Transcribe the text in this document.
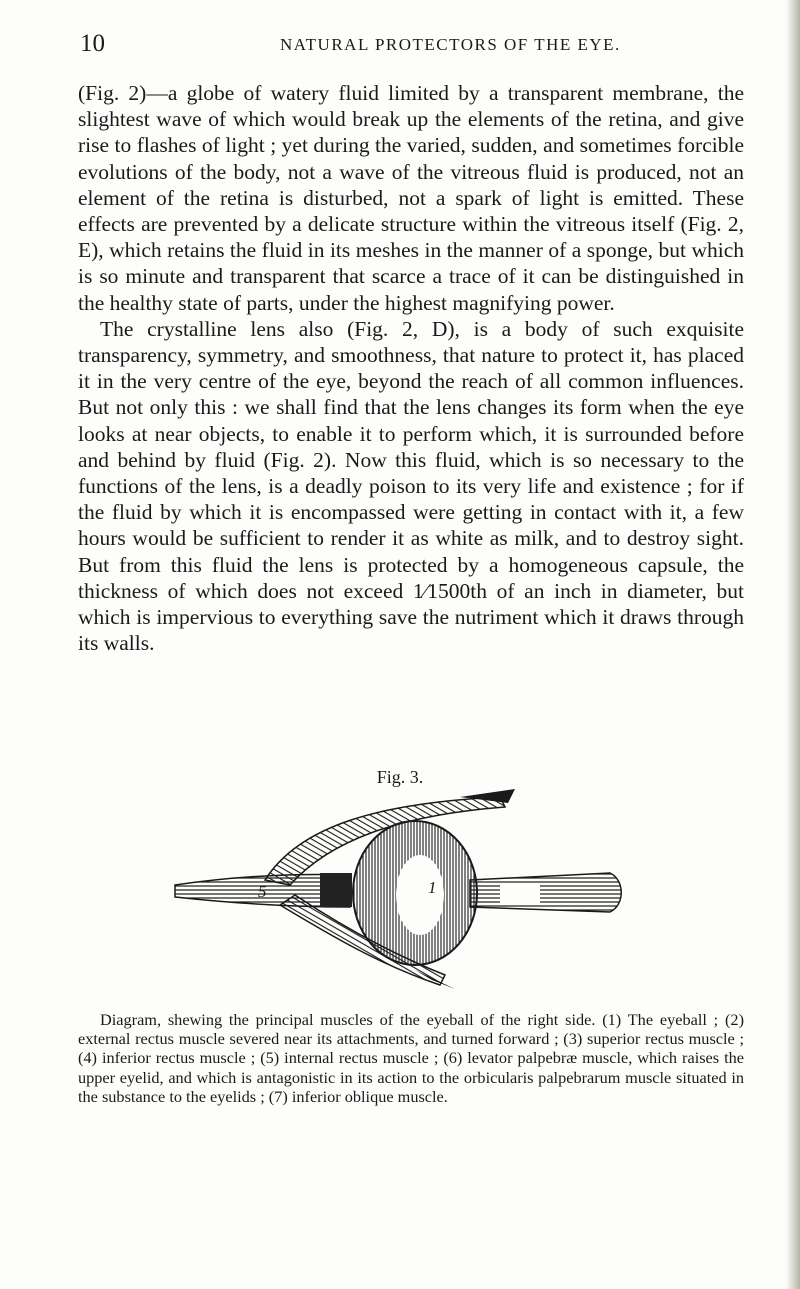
10	NATURAL PROTECTORS OF THE EYE.

(Fig. 2)—a globe of watery fluid limited by a transparent membrane, the slightest wave of which would break up the elements of the retina, and give rise to flashes of light ; yet during the varied, sudden, and sometimes forcible evolutions of the body, not a wave of the vitreous fluid is produced, not an element of the retina is disturbed, not a spark of light is emitted. These effects are prevented by a delicate structure within the vitreous itself (Fig. 2, E), which retains the fluid in its meshes in the manner of a sponge, but which is so minute and transparent that scarce a trace of it can be distinguished in the healthy state of parts, under the highest magnifying power.

The crystalline lens also (Fig. 2, D), is a body of such exquisite transparency, symmetry, and smoothness, that nature to protect it, has placed it in the very centre of the eye, beyond the reach of all common influences. But not only this : we shall find that the lens changes its form when the eye looks at near objects, to enable it to perform which, it is surrounded before and behind by fluid (Fig. 2). Now this fluid, which is so necessary to the functions of the lens, is a deadly poison to its very life and existence ; for if the fluid by which it is encompassed were getting in contact with it, a few hours would be sufficient to render it as white as milk, and to destroy sight. But from this fluid the lens is protected by a homogeneous capsule, the thickness of which does not exceed 1⁄1500th of an inch in diameter, but which is impervious to everything save the nutriment which it draws through its walls.

Fig. 3.
5	1

Diagram, shewing the principal muscles of the eyeball of the right side. (1) The eyeball ; (2) external rectus muscle severed near its attachments, and turned forward ; (3) superior rectus muscle ; (4) inferior rectus muscle ; (5) internal rectus muscle ; (6) levator palpebræ muscle, which raises the upper eyelid, and which is antagonistic in its action to the orbicularis palpebrarum muscle situated in the substance to the eyelids ; (7) inferior oblique muscle.
